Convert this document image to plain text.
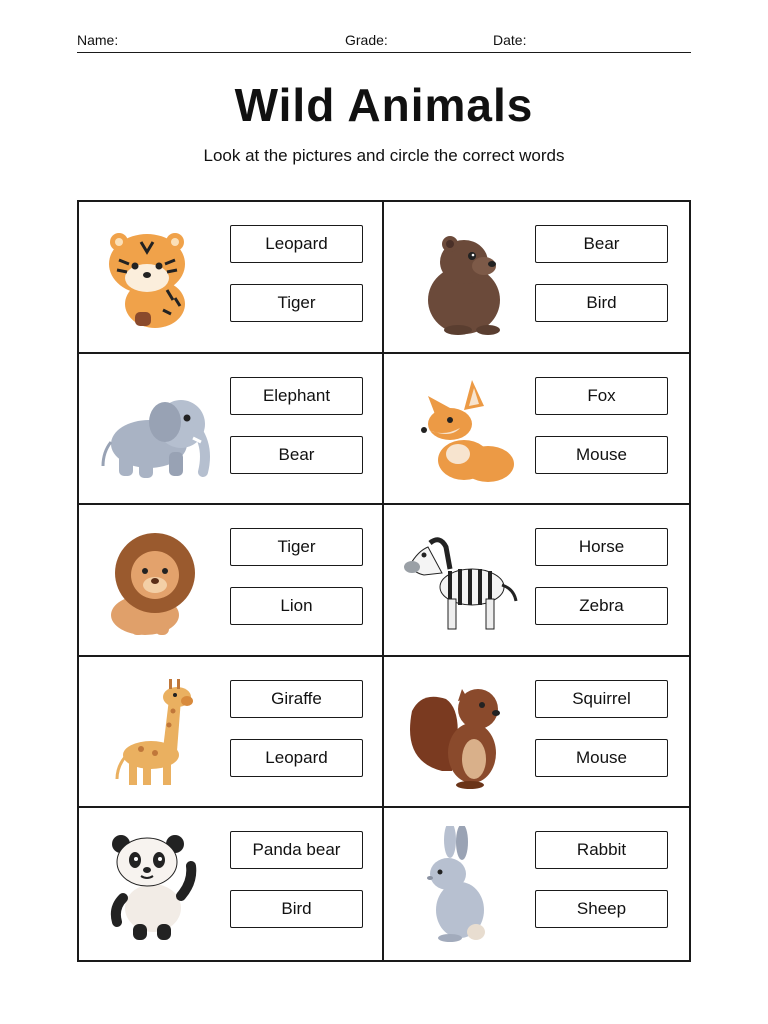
Name:	Grade:	Date:
Wild Animals
Look at the pictures and circle the correct words
Leopard
Tiger
Bear
Bird
Elephant
Bear
Fox
Mouse
Tiger
Lion
Horse
Zebra
Giraffe
Leopard
Squirrel
Mouse
Panda bear
Bird
Rabbit
Sheep
